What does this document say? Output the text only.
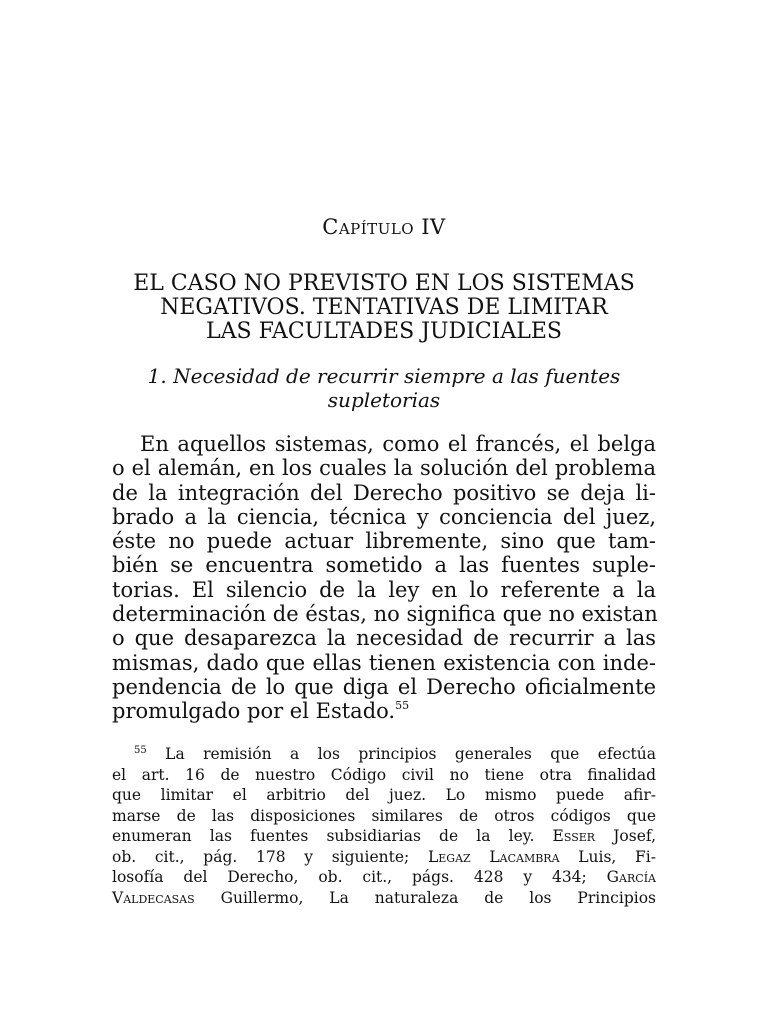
Capítulo IV
EL CASO NO PREVISTO EN LOS SISTEMAS
NEGATIVOS. TENTATIVAS DE LIMITAR
LAS FACULTADES JUDICIALES
1. Necesidad de recurrir siempre a las fuentes
supletorias
En aquellos sistemas, como el francés, el belga
o el alemán, en los cuales la solución del problema
de la integración del Derecho positivo se deja li-
brado a la ciencia, técnica y conciencia del juez,
éste no puede actuar libremente, sino que tam-
bién se encuentra sometido a las fuentes suple-
torias. El silencio de la ley en lo referente a la
determinación de éstas, no significa que no existan
o que desaparezca la necesidad de recurrir a las
mismas, dado que ellas tienen existencia con inde-
pendencia de lo que diga el Derecho oficialmente
promulgado por el Estado.$^{55}$
$^{55}$ La remisión a los principios generales que efectúa
el art. 16 de nuestro Código civil no tiene otra finalidad
que limitar el arbitrio del juez. Lo mismo puede afir-
marse de las disposiciones similares de otros códigos que
enumeran las fuentes subsidiarias de la ley. Esser Josef,
ob. cit., pág. 178 y siguiente; Legaz Lacambra Luis, Fi-
losofía del Derecho, ob. cit., págs. 428 y 434; García
Valdecasas Guillermo, La naturaleza de los Principios
